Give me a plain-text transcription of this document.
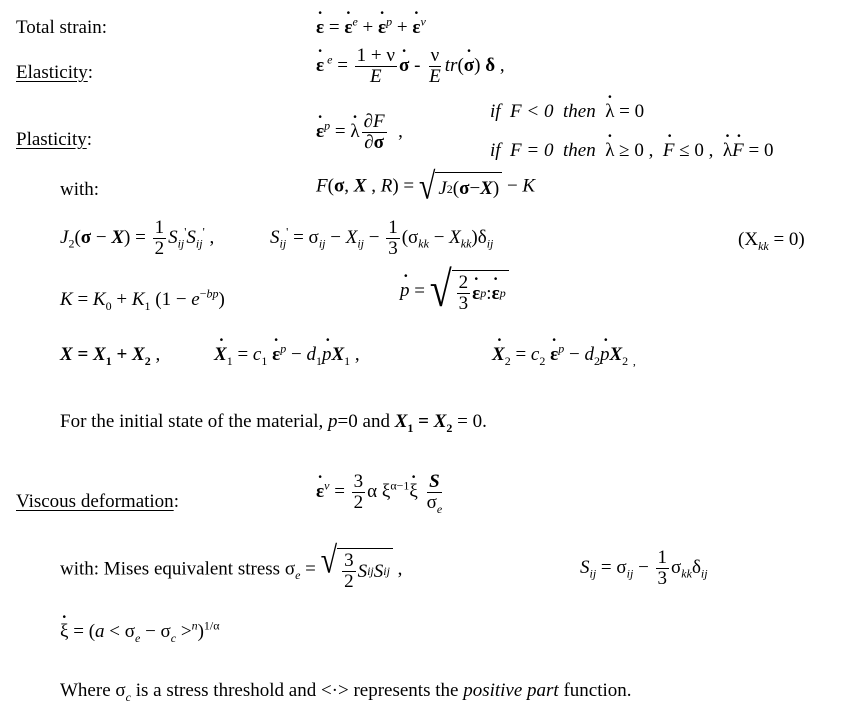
Total strain:	˙ ε = ˙ $\varepsilon^e$ + ˙ $\varepsilon^p$ + ˙ $\varepsilon^v$
Elasticity:	˙ ε $^e = \frac{1 + \nu}{E}$ ˙ σ - $\frac{\nu}{E}$ tr(˙ σ) δ ,
Plasticity:	˙ $\varepsilon^p$ = ˙ λ $\frac{\partial F}{\partial\sigma}$ ,
if  F < 0  then  ˙ λ = 0
if  F = 0  then  ˙ λ ≥ 0 ,  ˙ F ≤ 0 ,  ˙ λ˙ F = 0
with:	F(σ, X , R) = √ J 2 ( σ − X ) − K
$J_2(\sigma - X) = \frac{1}{2} S_{ij}'S_{ij}'$ ,	$S_{ij}' = \sigma_{ij} - X_{ij} - \frac{1}{3} (\sigma_{kk} - X_{kk})\delta_{ij}$	$(X_{kk} = 0)$
$K = K_0 + K_1$ $(1 - e^{-bp})$	˙ p = √ $\frac{2}{3}$ ˙ ε p : ˙ ε p
$X = X_1 + X_2$ ,	˙ $X_1 = c_1$ ˙ $\varepsilon^p$ − $d_1˙$ $pX_1$ ,	˙ $X_2 = c_2$ ˙ $\varepsilon^p$ − $d_2˙$ $pX_2$ $_,$
For the initial state of the material, p=0 and $X_1 = X_2 = 0$.
Viscous deformation:	˙ $\varepsilon^v = \frac{3}{2}$ α $\xi^{\alpha-1}˙$ ξ $\frac{S}{\sigma_e}$
with: Mises equivalent stress $\sigma_e$ = √ $\frac{3}{2}$ S ij S ij ,	$S_{ij} = \sigma_{ij} - \frac{1}{3} \sigma_{kk}\delta_{ij}$
˙ $\xi = (a < \sigma_e - \sigma_c >^n)^{1/\alpha}$
Where $\sigma_c$ is a stress threshold and <·> represents the positive part function.
